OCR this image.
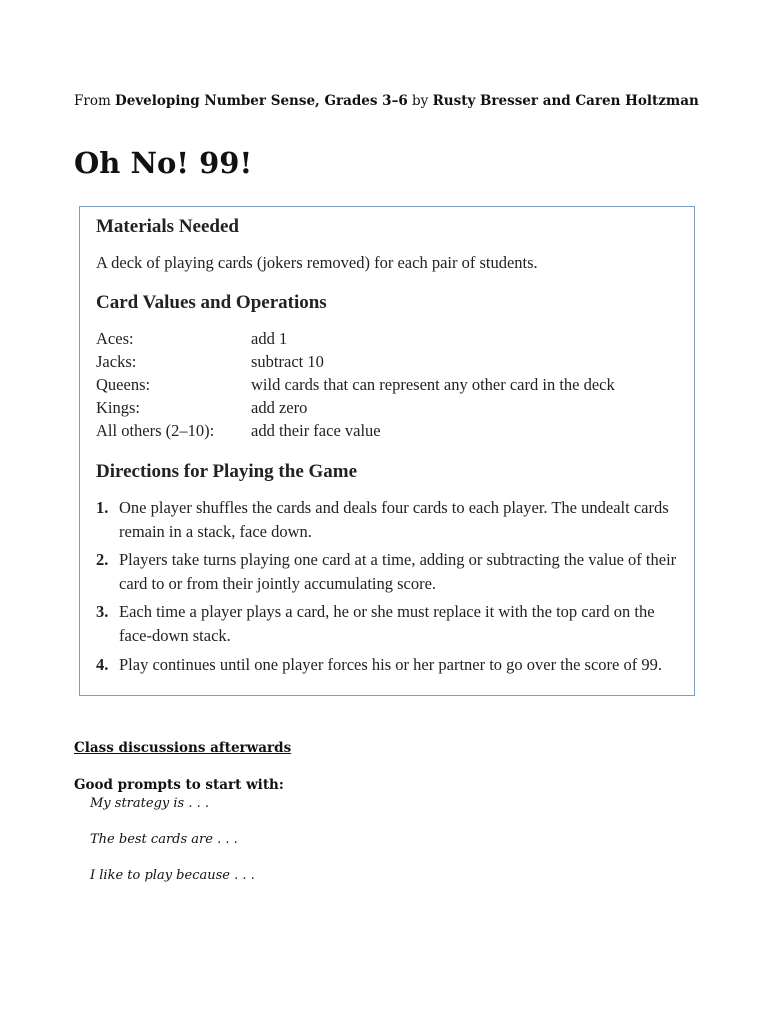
From Developing Number Sense, Grades 3–6 by Rusty Bresser and Caren Holtzman
Oh No! 99!
Materials Needed
A deck of playing cards (jokers removed) for each pair of students.
Card Values and Operations
Aces:	add 1
Jacks:	subtract 10
Queens:	wild cards that can represent any other card in the deck
Kings:	add zero
All others (2–10): add their face value
Directions for Playing the Game
1. One player shuffles the cards and deals four cards to each player. The undealt cards remain in a stack, face down.
2. Players take turns playing one card at a time, adding or subtracting the value of their card to or from their jointly accumulating score.
3. Each time a player plays a card, he or she must replace it with the top card on the face-down stack.
4. Play continues until one player forces his or her partner to go over the score of 99.
Class discussions afterwards
Good prompts to start with:
My strategy is . . .
The best cards are . . .
I like to play because . . .
